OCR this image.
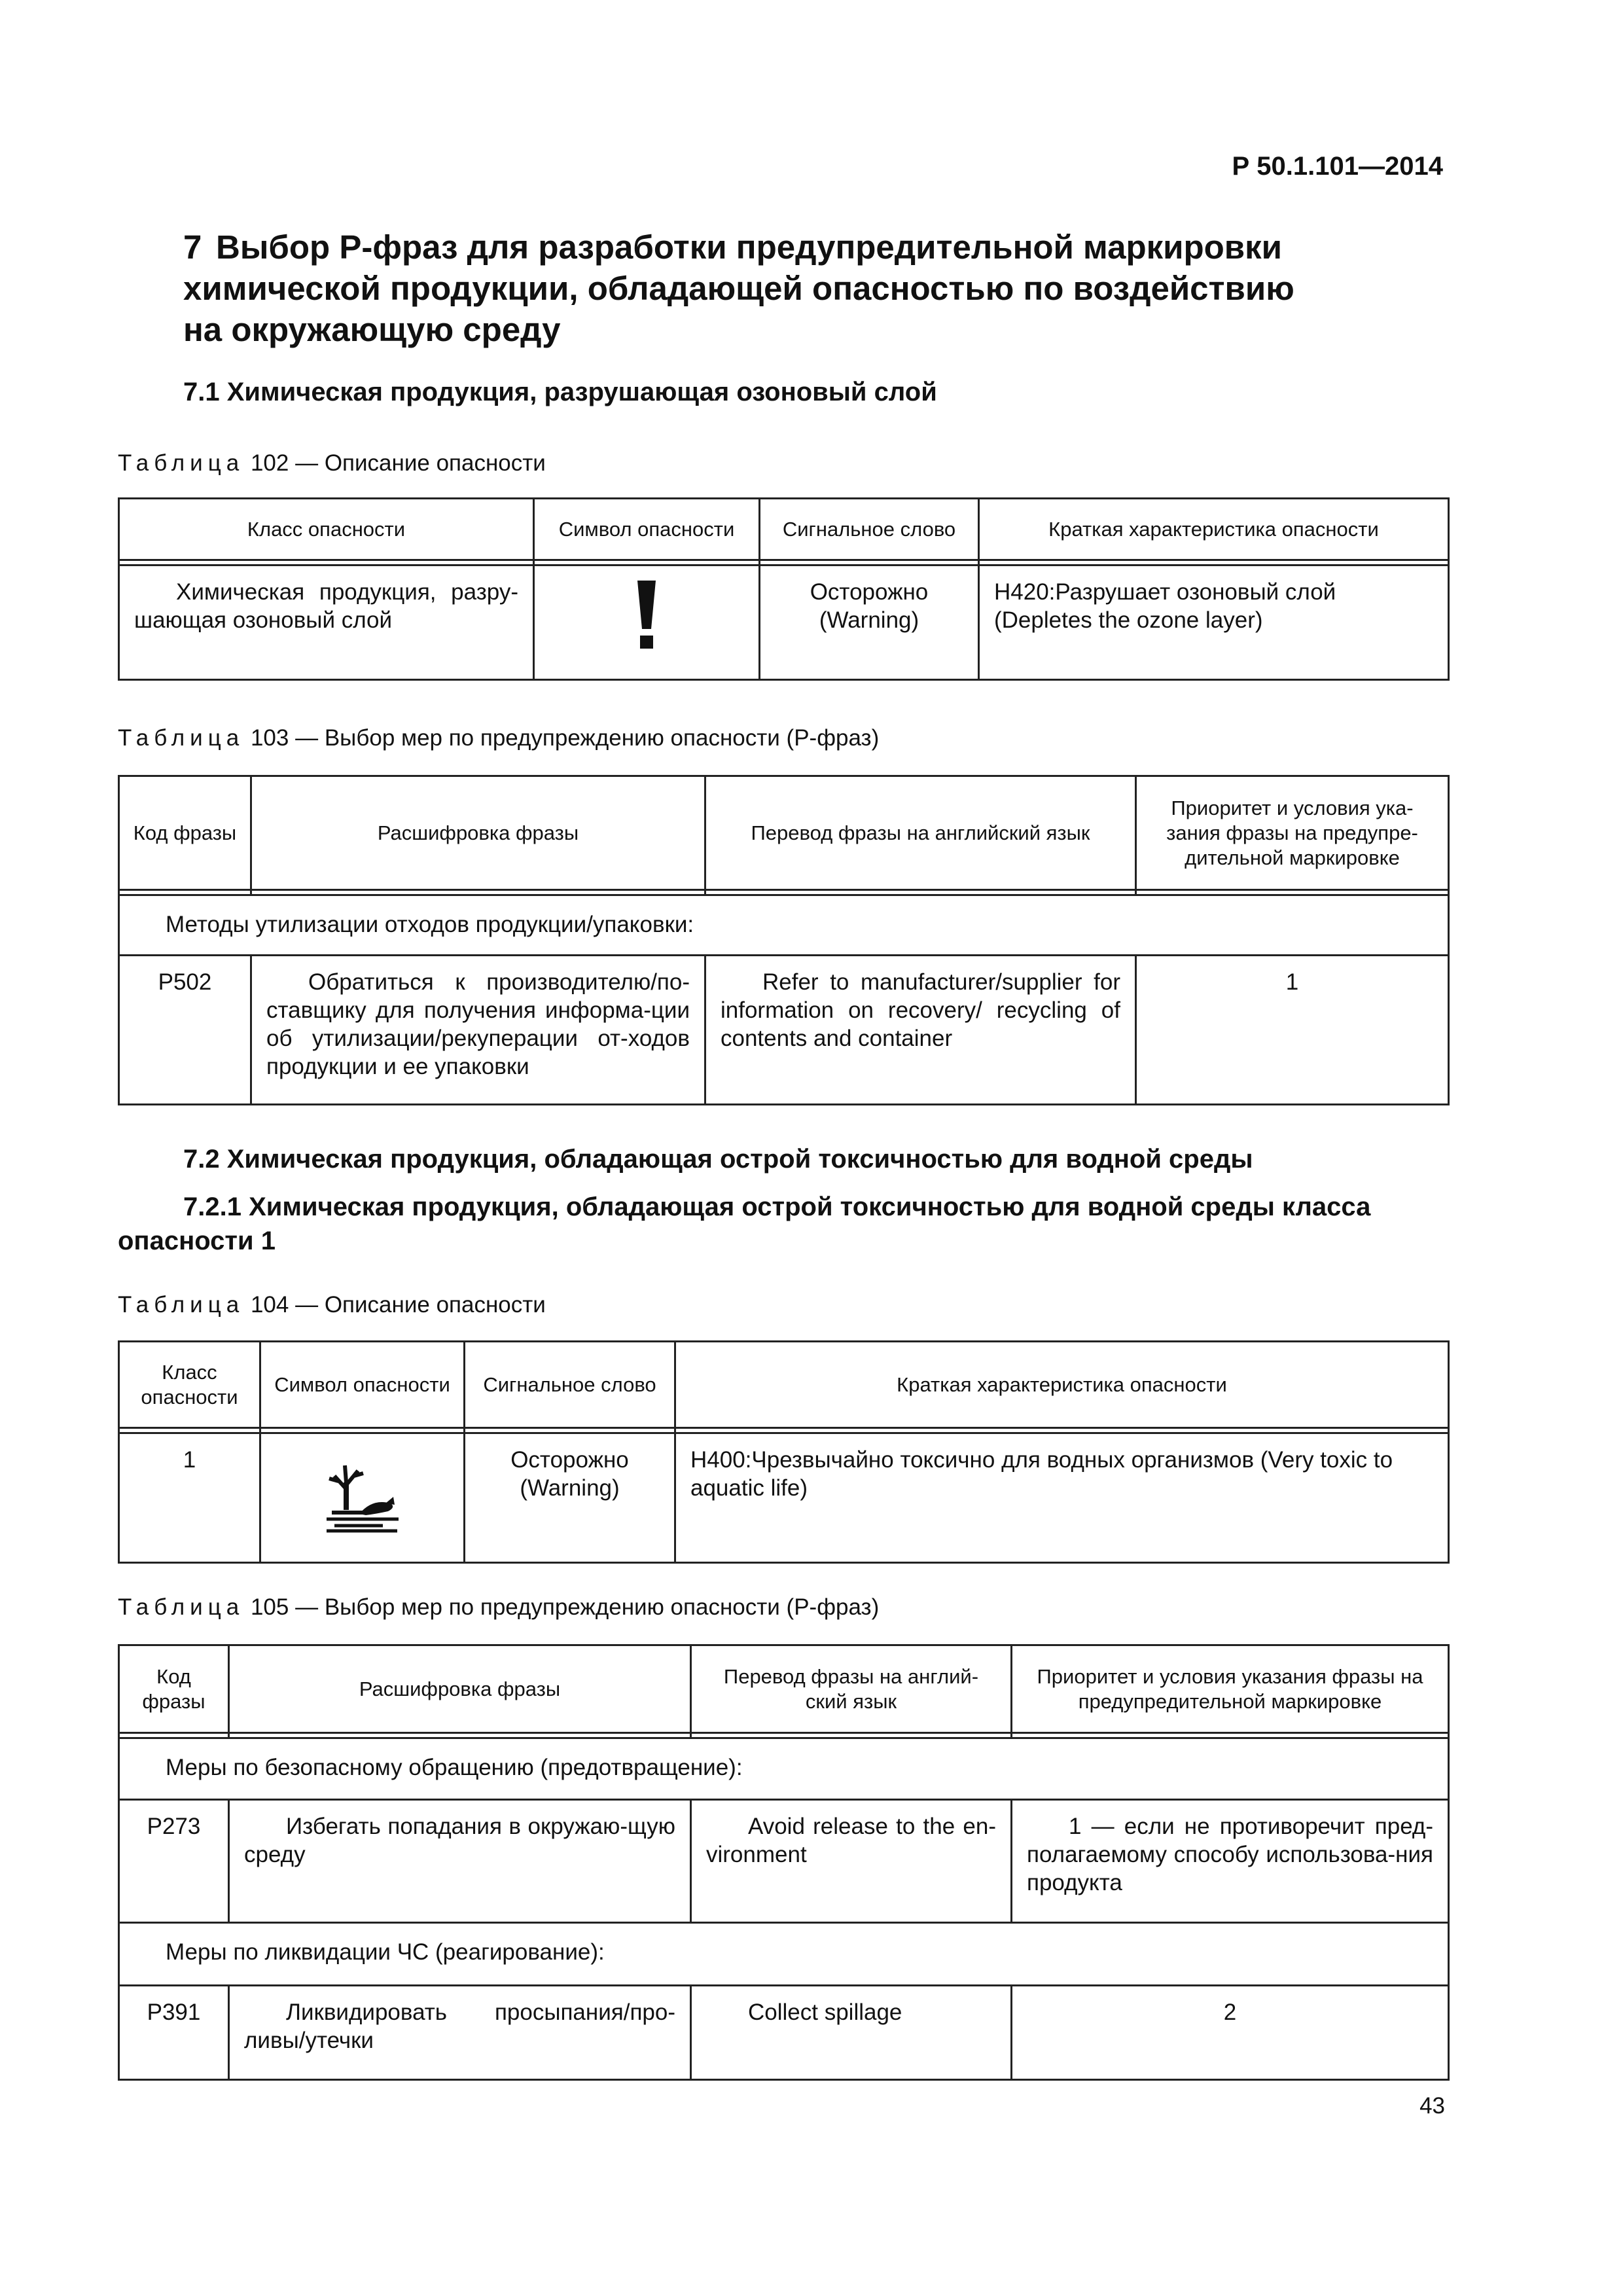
Р 50.1.101—2014
7 Выбор Р-фраз для разработки предупредительной маркировки
химической продукции, обладающей опасностью по воздействию
на окружающую среду
7.1 Химическая продукция, разрушающая озоновый слой
Таблица 102 — Описание опасности
Класс опасности	Символ опасности	Сигнальное слово	Краткая характеристика опасности

Химическая продукция, разру-шающая озоновый слой		Осторожно (Warning)	H420:Разрушает озоновый слой (Depletes the ozone layer)
Таблица 103 — Выбор мер по предупреждению опасности (Р-фраз)
Код фразы	Расшифровка фразы	Перевод фразы на английский язык	Приоритет и условия ука-зания фразы на предупре-дительной маркировке

Методы утилизации отходов продукции/упаковки:			
Р502	Обратиться к производителю/по-ставщику для получения информа-ции об утилизации/рекуперации от-ходов продукции и ее упаковки	Refer to manufacturer/supplier for information on recovery/ recycling of contents and container	1
7.2 Химическая продукция, обладающая острой токсичностью для водной среды
7.2.1 Химическая продукция, обладающая острой токсичностью для водной среды класса опасности 1
Таблица 104 — Описание опасности
Класс опасности	Символ опасности	Сигнальное слово	Краткая характеристика опасности

1		Осторожно (Warning)	H400:Чрезвычайно токсично для водных организмов (Very toxic to aquatic life)
Таблица 105 — Выбор мер по предупреждению опасности (Р-фраз)
Код фразы	Расшифровка фразы	Перевод фразы на англий-ский язык	Приоритет и условия указания фразы на предупредительной маркировке

Меры по безопасному обращению (предотвращение):			
Р273	Избегать попадания в окружаю-щую среду	Avoid release to the en-vironment	1 — если не противоречит пред-полагаемому способу использова-ния продукта
Меры по ликвидации ЧС (реагирование):			
Р391	Ликвидировать просыпания/про-ливы/утечки	Collect spillage	2
43
